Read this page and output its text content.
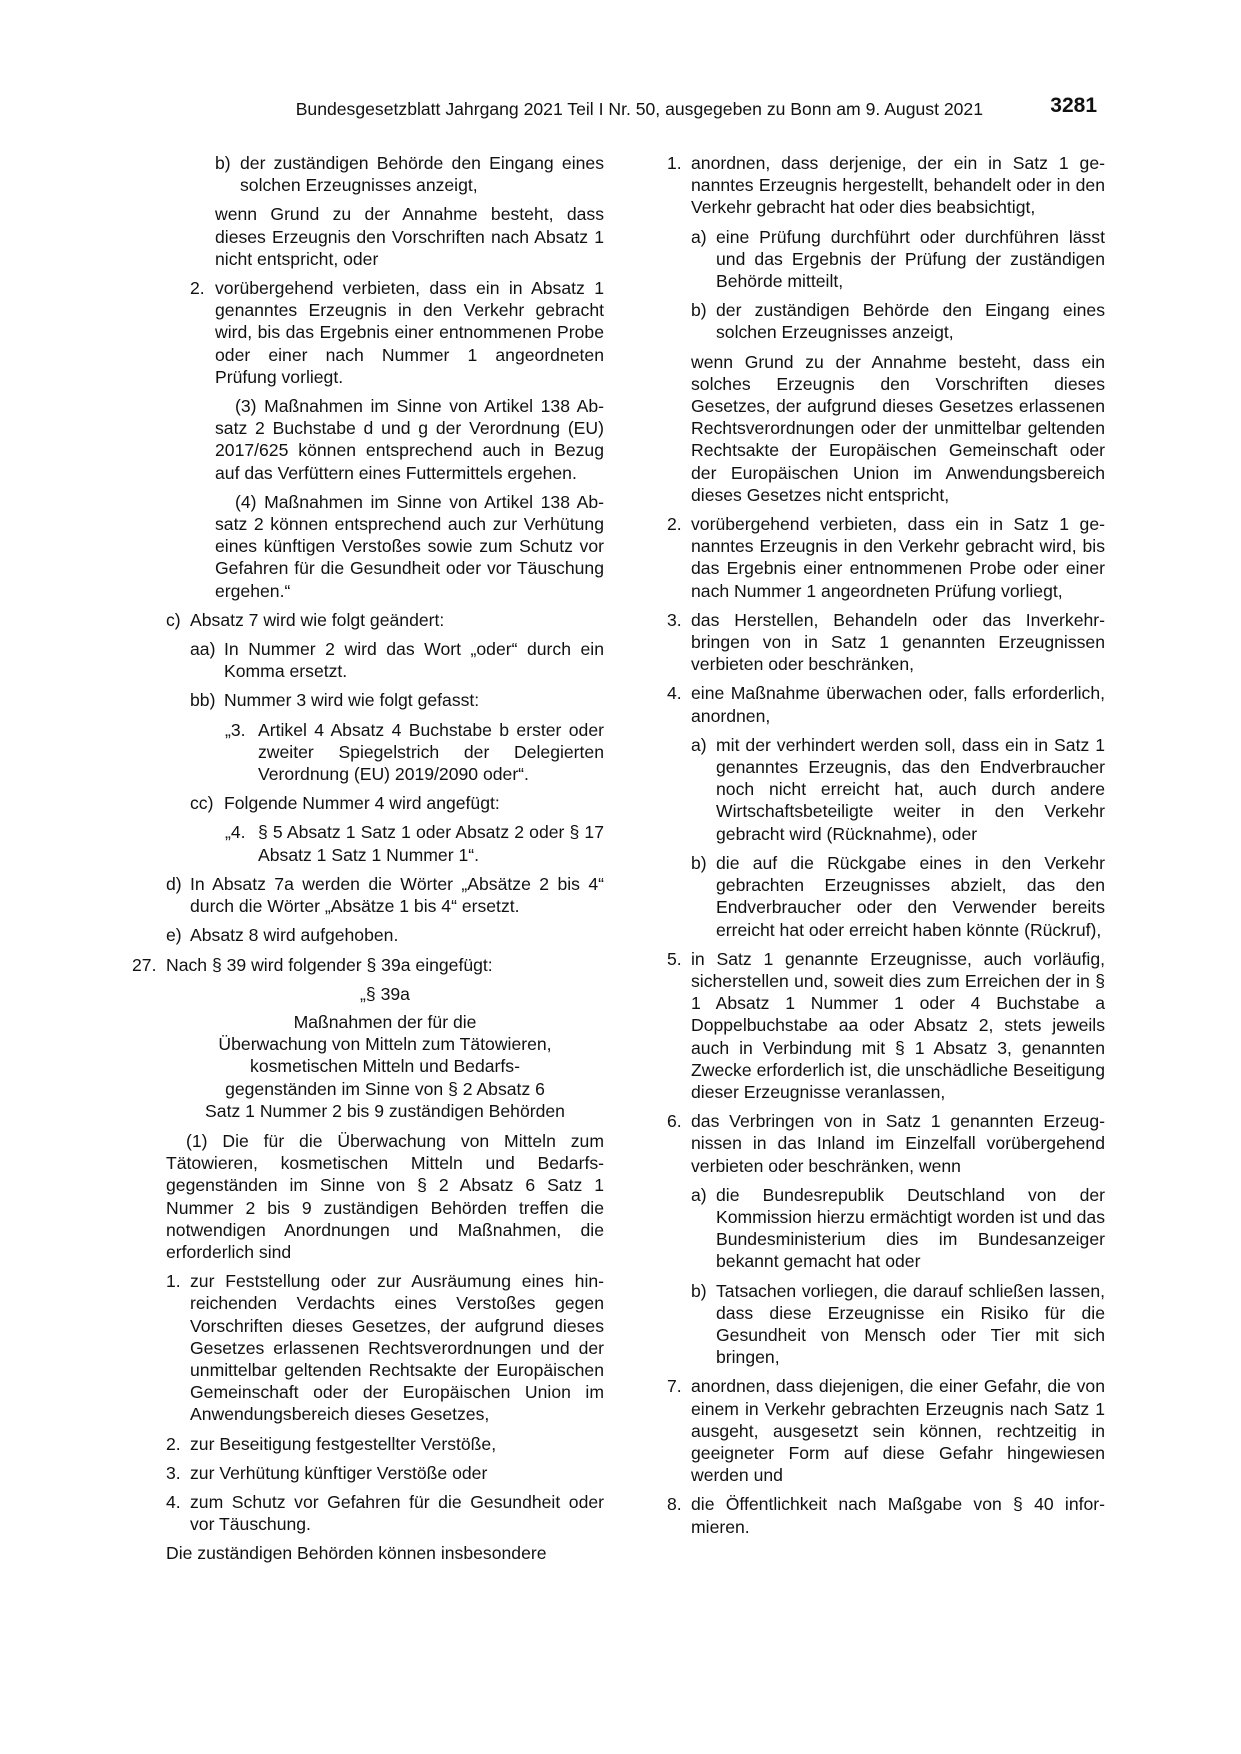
Bundesgesetzblatt Jahrgang 2021 Teil I Nr. 50, ausgegeben zu Bonn am 9. August 2021	3281
b) der zuständigen Behörde den Eingang eines solchen Erzeugnisses anzeigt,
wenn Grund zu der Annahme besteht, dass dieses Erzeugnis den Vorschriften nach Absatz 1 nicht entspricht, oder
2. vorübergehend verbieten, dass ein in Absatz 1 genanntes Erzeugnis in den Verkehr gebracht wird, bis das Ergebnis einer entnommenen Probe oder einer nach Nummer 1 angeordneten Prüfung vorliegt.
(3) Maßnahmen im Sinne von Artikel 138 Absatz 2 Buchstabe d und g der Verordnung (EU) 2017/625 können entsprechend auch in Bezug auf das Verfüttern eines Futtermittels ergehen.
(4) Maßnahmen im Sinne von Artikel 138 Absatz 2 können entsprechend auch zur Verhütung eines künftigen Verstoßes sowie zum Schutz vor Gefahren für die Gesundheit oder vor Täuschung ergehen.“
c) Absatz 7 wird wie folgt geändert:
aa) In Nummer 2 wird das Wort „oder“ durch ein Komma ersetzt.
bb) Nummer 3 wird wie folgt gefasst:
„3. Artikel 4 Absatz 4 Buchstabe b erster oder zweiter Spiegelstrich der Delegierten Verordnung (EU) 2019/2090 oder“.
cc) Folgende Nummer 4 wird angefügt:
„4. § 5 Absatz 1 Satz 1 oder Absatz 2 oder § 17 Absatz 1 Satz 1 Nummer 1“.
d) In Absatz 7a werden die Wörter „Absätze 2 bis 4“ durch die Wörter „Absätze 1 bis 4“ ersetzt.
e) Absatz 8 wird aufgehoben.
27. Nach § 39 wird folgender § 39a eingefügt:
„§ 39a
Maßnahmen der für die
Überwachung von Mitteln zum Tätowieren,
kosmetischen Mitteln und Bedarfs-
gegenständen im Sinne von § 2 Absatz 6
Satz 1 Nummer 2 bis 9 zuständigen Behörden
(1) Die für die Überwachung von Mitteln zum Tätowieren, kosmetischen Mitteln und Bedarfsgegenständen im Sinne von § 2 Absatz 6 Satz 1 Nummer 2 bis 9 zuständigen Behörden treffen die notwendigen Anordnungen und Maßnahmen, die erforderlich sind
1. zur Feststellung oder zur Ausräumung eines hinreichenden Verdachts eines Verstoßes gegen Vorschriften dieses Gesetzes, der aufgrund dieses Gesetzes erlassenen Rechtsverordnungen und der unmittelbar geltenden Rechtsakte der Europäischen Gemeinschaft oder der Europäischen Union im Anwendungsbereich dieses Gesetzes,
2. zur Beseitigung festgestellter Verstöße,
3. zur Verhütung künftiger Verstöße oder
4. zum Schutz vor Gefahren für die Gesundheit oder vor Täuschung.
Die zuständigen Behörden können insbesondere
1. anordnen, dass derjenige, der ein in Satz 1 genanntes Erzeugnis hergestellt, behandelt oder in den Verkehr gebracht hat oder dies beabsichtigt,
a) eine Prüfung durchführt oder durchführen lässt und das Ergebnis der Prüfung der zuständigen Behörde mitteilt,
b) der zuständigen Behörde den Eingang eines solchen Erzeugnisses anzeigt,
wenn Grund zu der Annahme besteht, dass ein solches Erzeugnis den Vorschriften dieses Gesetzes, der aufgrund dieses Gesetzes erlassenen Rechtsverordnungen oder der unmittelbar geltenden Rechtsakte der Europäischen Gemeinschaft oder der Europäischen Union im Anwendungsbereich dieses Gesetzes nicht entspricht,
2. vorübergehend verbieten, dass ein in Satz 1 genanntes Erzeugnis in den Verkehr gebracht wird, bis das Ergebnis einer entnommenen Probe oder einer nach Nummer 1 angeordneten Prüfung vorliegt,
3. das Herstellen, Behandeln oder das Inverkehrbringen von in Satz 1 genannten Erzeugnissen verbieten oder beschränken,
4. eine Maßnahme überwachen oder, falls erforderlich, anordnen,
a) mit der verhindert werden soll, dass ein in Satz 1 genanntes Erzeugnis, das den Endverbraucher noch nicht erreicht hat, auch durch andere Wirtschaftsbeteiligte weiter in den Verkehr gebracht wird (Rücknahme), oder
b) die auf die Rückgabe eines in den Verkehr gebrachten Erzeugnisses abzielt, das den Endverbraucher oder den Verwender bereits erreicht hat oder erreicht haben könnte (Rückruf),
5. in Satz 1 genannte Erzeugnisse, auch vorläufig, sicherstellen und, soweit dies zum Erreichen der in § 1 Absatz 1 Nummer 1 oder 4 Buchstabe a Doppelbuchstabe aa oder Absatz 2, stets jeweils auch in Verbindung mit § 1 Absatz 3, genannten Zwecke erforderlich ist, die unschädliche Beseitigung dieser Erzeugnisse veranlassen,
6. das Verbringen von in Satz 1 genannten Erzeugnissen in das Inland im Einzelfall vorübergehend verbieten oder beschränken, wenn
a) die Bundesrepublik Deutschland von der Kommission hierzu ermächtigt worden ist und das Bundesministerium dies im Bundesanzeiger bekannt gemacht hat oder
b) Tatsachen vorliegen, die darauf schließen lassen, dass diese Erzeugnisse ein Risiko für die Gesundheit von Mensch oder Tier mit sich bringen,
7. anordnen, dass diejenigen, die einer Gefahr, die von einem in Verkehr gebrachten Erzeugnis nach Satz 1 ausgeht, ausgesetzt sein können, rechtzeitig in geeigneter Form auf diese Gefahr hingewiesen werden und
8. die Öffentlichkeit nach Maßgabe von § 40 informieren.
